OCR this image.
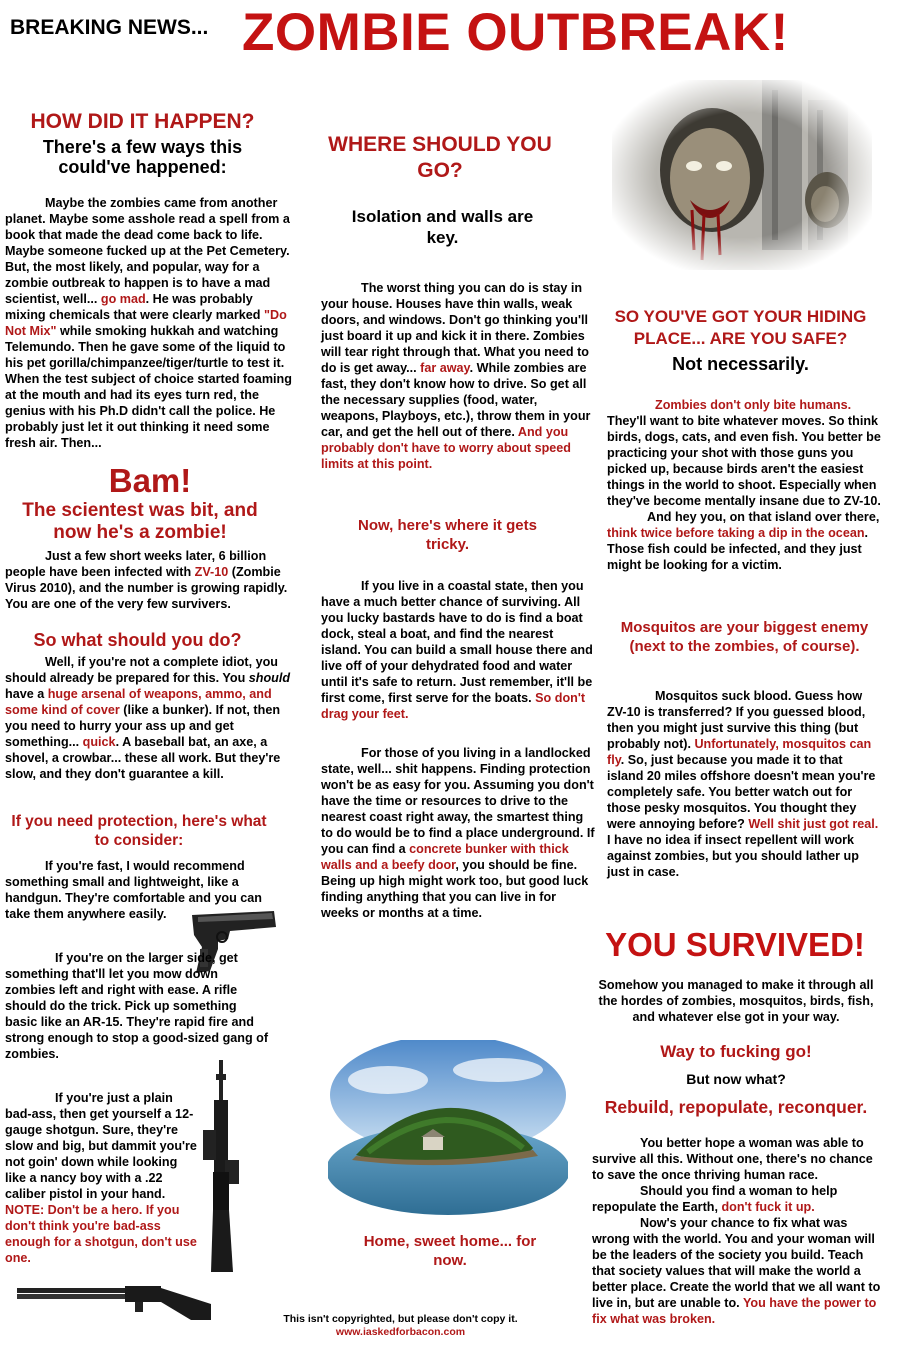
BREAKING NEWS... ZOMBIE OUTBREAK!

HOW DID IT HAPPEN?

There's a few ways this could've happened:

Maybe the zombies came from another planet. Maybe some asshole read a spell from a book that made the dead come back to life. Maybe someone fucked up at the Pet Cemetery. But, the most likely, and popular, way for a zombie outbreak to happen is to have a mad scientist, well... go mad. He was probably mixing chemicals that were clearly marked "Do Not Mix" while smoking hukkah and watching Telemundo. Then he gave some of the liquid to his pet gorilla/chimpanzee/tiger/turtle to test it. When the test subject of choice started foaming at the mouth and had its eyes turn red, the genius with his Ph.D didn't call the police. He probably just let it out thinking it need some fresh air. Then...

Bam!

The scientest was bit, and now he's a zombie!

Just a few short weeks later, 6 billion people have been infected with ZV-10 (Zombie Virus 2010), and the number is growing rapidly. You are one of the very few survivers.

So what should you do?

Well, if you're not a complete idiot, you should already be prepared for this. You should have a huge arsenal of weapons, ammo, and some kind of cover (like a bunker). If not, then you need to hurry your ass up and get something... quick. A baseball bat, an axe, a shovel, a crowbar... these all work. But they're slow, and they don't guarantee a kill.

If you need protection, here's what to consider:

If you're fast, I would recommend something small and lightweight, like a handgun. They're comfortable and you can take them anywhere easily.

If you're on the larger side, get something that'll let you mow down zombies left and right with ease. A rifle should do the trick. Pick up something basic like an AR-15. They're rapid fire and strong enough to stop a good-sized gang of zombies.

If you're just a plain bad-ass, then get yourself a 12-gauge shotgun. Sure, they're slow and big, but dammit you're not goin' down while looking like a nancy boy with a .22 caliber pistol in your hand. NOTE: Don't be a hero. If you don't think you're bad-ass enough for a shotgun, don't use one.

WHERE SHOULD YOU GO?

Isolation and walls are key.

The worst thing you can do is stay in your house. Houses have thin walls, weak doors, and windows. Don't go thinking you'll just board it up and kick it in there. Zombies will tear right through that. What you need to do is get away... far away. While zombies are fast, they don't know how to drive. So get all the necessary supplies (food, water, weapons, Playboys, etc.), throw them in your car, and get the hell out of there. And you probably don't have to worry about speed limits at this point.

Now, here's where it gets tricky.

If you live in a coastal state, then you have a much better chance of surviving. All you lucky bastards have to do is find a boat dock, steal a boat, and find the nearest island. You can build a small house there and live off of your dehydrated food and water until it's safe to return. Just remember, it'll be first come, first serve for the boats. So don't drag your feet.

For those of you living in a landlocked state, well... shit happens. Finding protection won't be as easy for you. Assuming you don't have the time or resources to drive to the nearest coast right away, the smartest thing to do would be to find a place underground. If you can find a concrete bunker with thick walls and a beefy door, you should be fine. Being up high might work too, but good luck finding anything that you can live in for weeks or months at a time.

Home, sweet home... for now.

This isn't copyrighted, but please don't copy it.

www.iaskedforbacon.com

SO YOU'VE GOT YOUR HIDING PLACE... ARE YOU SAFE?

Not necessarily.

Zombies don't only bite humans. They'll want to bite whatever moves. So think birds, dogs, cats, and even fish. You better be practicing your shot with those guns you picked up, because birds aren't the easiest things in the world to shoot. Especially when they've become mentally insane due to ZV-10.

And hey you, on that island over there, think twice before taking a dip in the ocean. Those fish could be infected, and they just might be looking for a victim.

Mosquitos are your biggest enemy (next to the zombies, of course).

Mosquitos suck blood. Guess how ZV-10 is transferred? If you guessed blood, then you might just survive this thing (but probably not). Unfortunately, mosquitos can fly. So, just because you made it to that island 20 miles offshore doesn't mean you're completely safe. You better watch out for those pesky mosquitos. You thought they were annoying before? Well shit just got real. I have no idea if insect repellent will work against zombies, but you should lather up just in case.

YOU SURVIVED!

Somehow you managed to make it through all the hordes of zombies, mosquitos, birds, fish, and whatever else got in your way.

Way to fucking go!

But now what?

Rebuild, repopulate, reconquer.

You better hope a woman was able to survive all this. Without one, there's no chance to save the once thriving human race.

Should you find a woman to help repopulate the Earth, don't fuck it up.

Now's your chance to fix what was wrong with the world. You and your woman will be the leaders of the society you build. Teach that society values that will make the world a better place. Create the world that we all want to live in, but are unable to. You have the power to fix what was broken.
